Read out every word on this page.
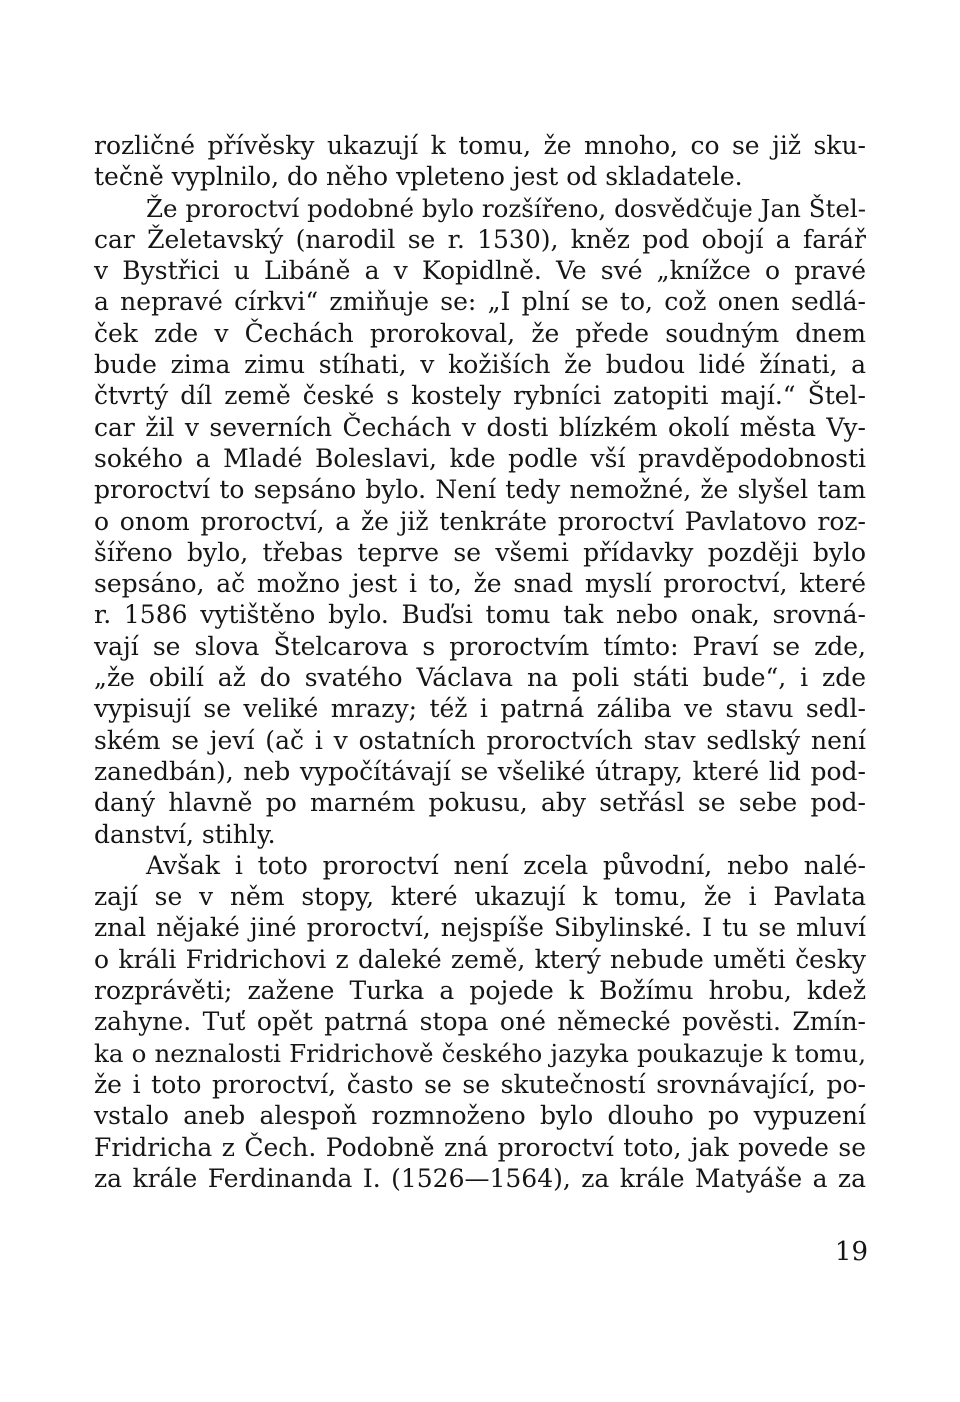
rozličné přívěsky ukazují k tomu, že mnoho, co se již sku-
tečně vyplnilo, do něho vpleteno jest od skladatele.
Že proroctví podobné bylo rozšířeno, dosvědčuje Jan Štel-
car Želetavský (narodil se r. 1530), kněz pod obojí a farář
v Bystřici u Libáně a v Kopidlně. Ve své „knížce o pravé
a nepravé církvi“ zmiňuje se: „I plní se to, což onen sedlá-
ček zde v Čechách prorokoval, že přede soudným dnem
bude zima zimu stíhati, v kožiších že budou lidé žínati, a
čtvrtý díl země české s kostely rybníci zatopiti mají.“ Štel-
car žil v severních Čechách v dosti blízkém okolí města Vy-
sokého a Mladé Boleslavi, kde podle vší pravděpodobnosti
proroctví to sepsáno bylo. Není tedy nemožné, že slyšel tam
o onom proroctví, a že již tenkráte proroctví Pavlatovo roz-
šířeno bylo, třebas teprve se všemi přídavky později bylo
sepsáno, ač možno jest i to, že snad myslí proroctví, které
r. 1586 vytištěno bylo. Buďsi tomu tak nebo onak, srovná-
vají se slova Štelcarova s proroctvím tímto: Praví se zde,
„že obilí až do svatého Václava na poli státi bude“, i zde
vypisují se veliké mrazy; též i patrná záliba ve stavu sedl-
ském se jeví (ač i v ostatních proroctvích stav sedlský není
zanedbán), neb vypočítávají se všeliké útrapy, které lid pod-
daný hlavně po marném pokusu, aby setřásl se sebe pod-
danství, stihly.
Avšak i toto proroctví není zcela původní, nebo nalé-
zají se v něm stopy, které ukazují k tomu, že i Pavlata
znal nějaké jiné proroctví, nejspíše Sibylinské. I tu se mluví
o králi Fridrichovi z daleké země, který nebude uměti česky
rozprávěti; zažene Turka a pojede k Božímu hrobu, kdež
zahyne. Tuť opět patrná stopa oné německé pověsti. Zmín-
ka o neznalosti Fridrichově českého jazyka poukazuje k tomu,
že i toto proroctví, často se se skutečností srovnávající, po-
vstalo aneb alespoň rozmnoženo bylo dlouho po vypuzení
Fridricha z Čech. Podobně zná proroctví toto, jak povede se
za krále Ferdinanda I. (1526—1564), za krále Matyáše a za
19
